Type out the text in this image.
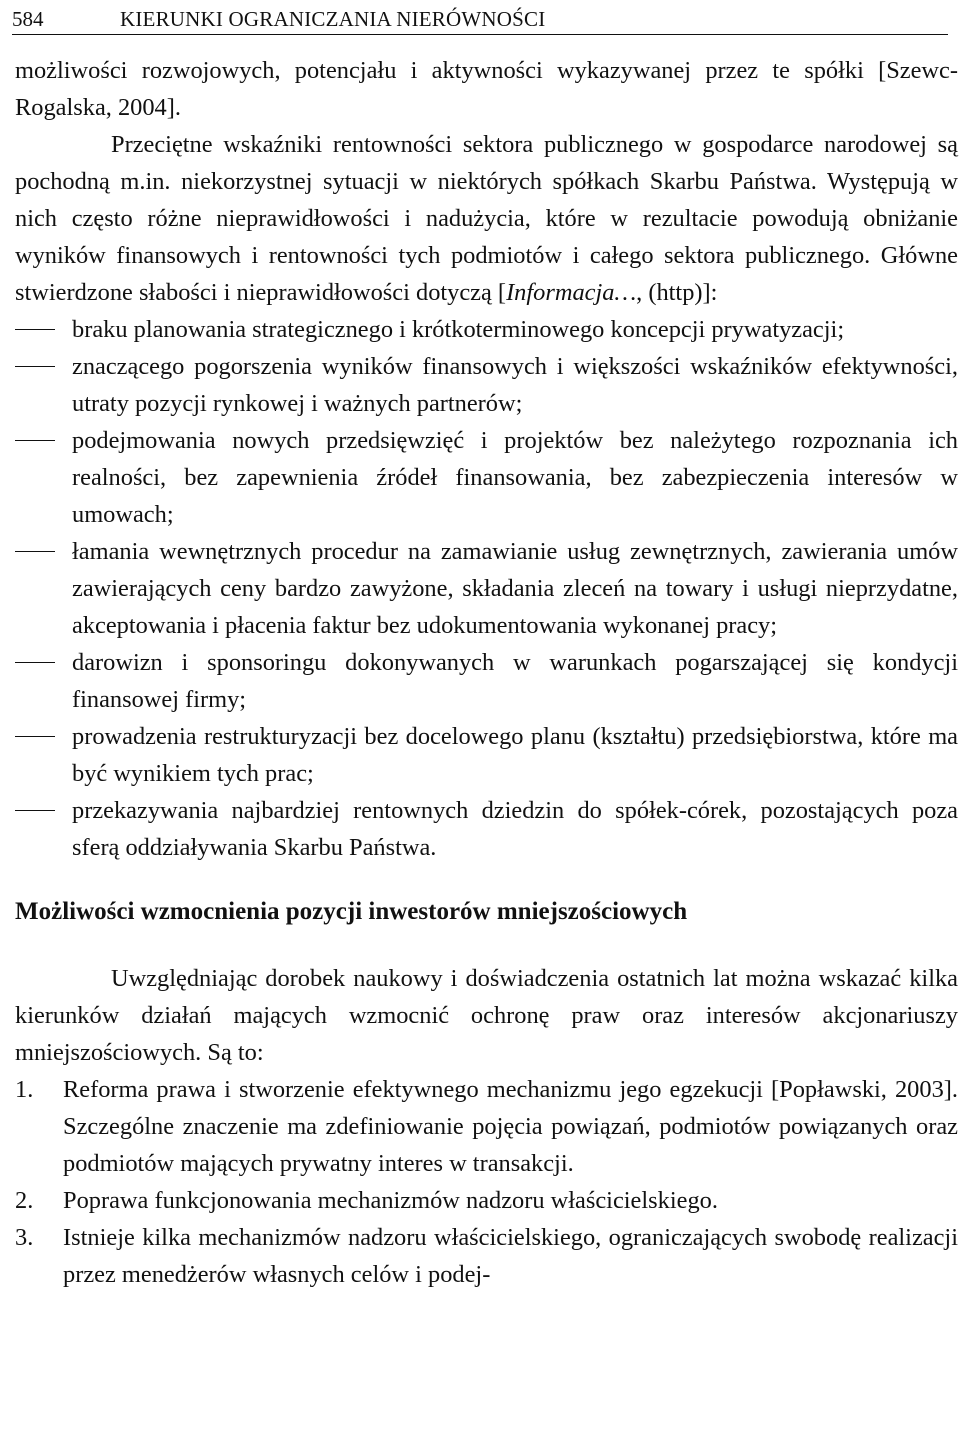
584	KIERUNKI OGRANICZANIA NIERÓWNOŚCI

możliwości rozwojowych, potencjału i aktywności wykazywanej przez te spółki [Szewc-Rogalska, 2004].

Przeciętne wskaźniki rentowności sektora publicznego w gospodarce narodowej są pochodną m.in. niekorzystnej sytuacji w niektórych spółkach Skarbu Państwa. Występują w nich często różne nieprawidłowości i nadużycia, które w rezultacie powodują obniżanie wyników finansowych i rentowności tych podmiotów i całego sektora publicznego. Główne stwierdzone słabości i nieprawidłowości dotyczą [Informacja…, (http)]:

braku planowania strategicznego i krótkoterminowego koncepcji prywatyzacji;
znaczącego pogorszenia wyników finansowych i większości wskaźników efektywności, utraty pozycji rynkowej i ważnych partnerów;
podejmowania nowych przedsięwzięć i projektów bez należytego rozpoznania ich realności, bez zapewnienia źródeł finansowania, bez zabezpieczenia interesów w umowach;
łamania wewnętrznych procedur na zamawianie usług zewnętrznych, zawierania umów zawierających ceny bardzo zawyżone, składania zleceń na towary i usługi nieprzydatne, akceptowania i płacenia faktur bez udokumentowania wykonanej pracy;
darowizn i sponsoringu dokonywanych w warunkach pogarszającej się kondycji finansowej firmy;
prowadzenia restrukturyzacji bez docelowego planu (kształtu) przedsiębiorstwa, które ma być wynikiem tych prac;
przekazywania najbardziej rentownych dziedzin do spółek-córek, pozostających poza sferą oddziaływania Skarbu Państwa.
Możliwości wzmocnienia pozycji inwestorów mniejszościowych

Uwzględniając dorobek naukowy i doświadczenia ostatnich lat można wskazać kilka kierunków działań mających wzmocnić ochronę praw oraz interesów akcjonariuszy mniejszościowych. Są to:

1. Reforma prawa i stworzenie efektywnego mechanizmu jego egzekucji [Popławski, 2003]. Szczególne znaczenie ma zdefiniowanie pojęcia powiązań, podmiotów powiązanych oraz podmiotów mających prywatny interes w transakcji.
2. Poprawa funkcjonowania mechanizmów nadzoru właścicielskiego.
3. Istnieje kilka mechanizmów nadzoru właścicielskiego, ograniczających swobodę realizacji przez menedżerów własnych celów i podej-
